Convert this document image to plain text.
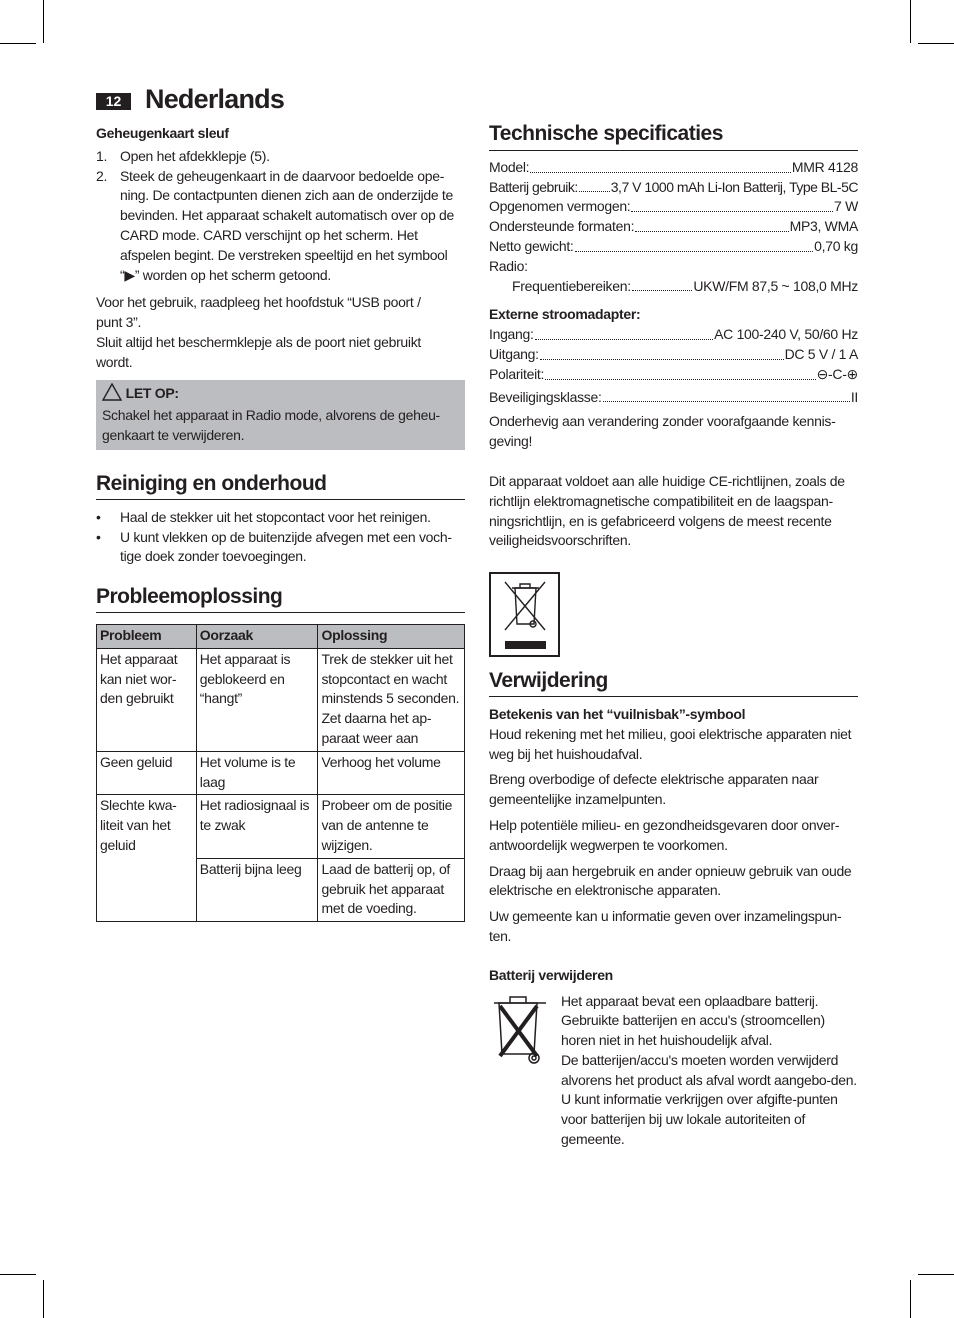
12 Nederlands
Geheugenkaart sleuf
1. Open het afdekklepje (5).
2. Steek de geheugenkaart in de daarvoor bedoelde ope-ning. De contactpunten dienen zich aan de onderzijde te bevinden. Het apparaat schakelt automatisch over op de CARD mode. CARD verschijnt op het scherm. Het afspelen begint. De verstreken speeltijd en het symbool “▶” worden op het scherm getoond.

Voor het gebruik, raadpleeg het hoofdstuk “USB poort / punt 3”.

Sluit altijd het beschermklepje als de poort niet gebruikt wordt.

LET OP:
Schakel het apparaat in Radio mode, alvorens de geheu-genkaart te verwijderen.
Reiniging en onderhoud
• Haal de stekker uit het stopcontact voor het reinigen.
• U kunt vlekken op de buitenzijde afvegen met een voch-tige doek zonder toevoegingen.
Probleemoplossing
Probleem	Oorzaak	Oplossing
Het apparaat kan niet wor-den gebruikt	Het apparaat is geblokeerd en “hangt”	Trek de stekker uit het stopcontact en wacht minstends 5 seconden. Zet daarna het ap-paraat weer aan
Geen geluid	Het volume is te laag	Verhoog het volume
Slechte kwa-liteit van het geluid	Het radiosignaal is te zwak	Probeer om de positie van de antenne te wijzigen.
	Batterij bijna leeg	Laad de batterij op, of gebruik het apparaat met de voeding.
Technische specificaties
Model:	MMR 4128
Batterij gebruik: 3,7 V 1000 mAh Li-Ion Batterij, Type BL-5C
Opgenomen vermogen:	7 W
Ondersteunde formaten:	MP3, WMA
Netto gewicht:	0,70 kg
Radio:
Frequentiebereiken:	UKW/FM 87,5 ~ 108,0 MHz
Externe stroomadapter:
Ingang:	AC 100-240 V, 50/60 Hz
Uitgang:	DC 5 V / 1 A
Polariteit:	⊖-C-⊕
Beveiligingsklasse:	II

Onderhevig aan verandering zonder voorafgaande kennis-geving!

Dit apparaat voldoet aan alle huidige CE-richtlijnen, zoals de richtlijn elektromagnetische compatibiliteit en de laagspan-ningsrichtlijn, en is gefabriceerd volgens de meest recente veiligheidsvoorschriften.

Verwijdering
Betekenis van het “vuilnisbak”-symbool

Houd rekening met het milieu, gooi elektrische apparaten niet weg bij het huishoudafval.

Breng overbodige of defecte elektrische apparaten naar gemeentelijke inzamelpunten.

Help potentiële milieu- en gezondheidsgevaren door onver-antwoordelijk wegwerpen te voorkomen.

Draag bij aan hergebruik en ander opnieuw gebruik van oude elektrische en elektronische apparaten.

Uw gemeente kan u informatie geven over inzamelingspun-ten.

Batterij verwijderen

Het apparaat bevat een oplaadbare batterij. Gebruikte batterijen en accu's (stroomcellen) horen niet in het huishoudelijk afval.

De batterijen/accu's moeten worden verwijderd alvorens het product als afval wordt aangebo-den. U kunt informatie verkrijgen over afgifte-punten voor batterijen bij uw lokale autoriteiten of gemeente.
